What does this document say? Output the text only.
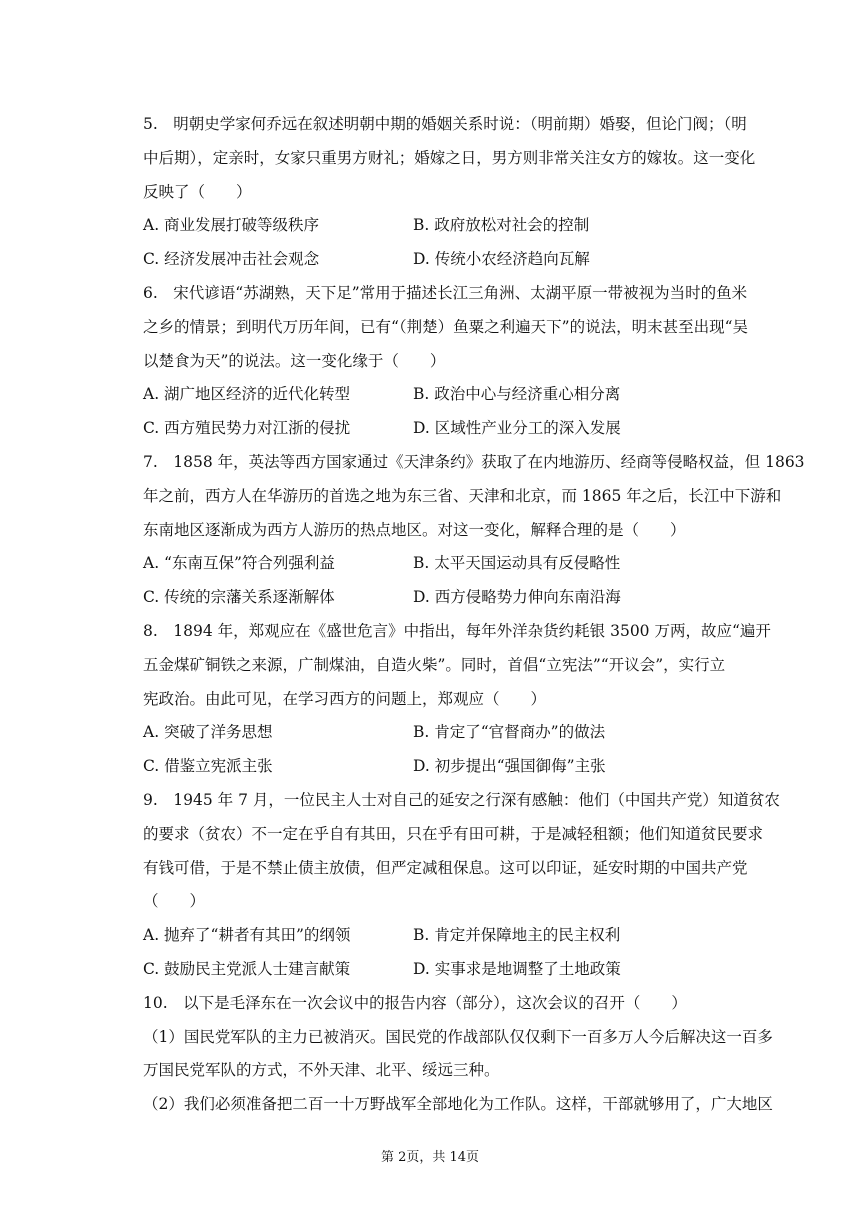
5. 明朝史学家何乔远在叙述明朝中期的婚姻关系时说：（明前期）婚娶，但论门阀；（明
中后期），定亲时，女家只重男方财礼；婚嫁之日，男方则非常关注女方的嫁妆。这一变化
反映了（　　）
A. 商业发展打破等级秩序	B. 政府放松对社会的控制
C. 经济发展冲击社会观念	D. 传统小农经济趋向瓦解
6. 宋代谚语“苏湖熟，天下足”常用于描述长江三角洲、太湖平原一带被视为当时的鱼米
之乡的情景；到明代万历年间，已有“（荆楚）鱼粟之利遍天下”的说法，明末甚至出现“吴
以楚食为天”的说法。这一变化缘于（　　）
A. 湖广地区经济的近代化转型	B. 政治中心与经济重心相分离
C. 西方殖民势力对江浙的侵扰	D. 区域性产业分工的深入发展
7. 1858 年，英法等西方国家通过《天津条约》获取了在内地游历、经商等侵略权益，但 1863
年之前，西方人在华游历的首选之地为东三省、天津和北京，而 1865 年之后，长江中下游和
东南地区逐渐成为西方人游历的热点地区。对这一变化，解释合理的是（　　）
A. “东南互保”符合列强利益	B. 太平天国运动具有反侵略性
C. 传统的宗藩关系逐渐解体	D. 西方侵略势力伸向东南沿海
8. 1894 年，郑观应在《盛世危言》中指出，每年外洋杂货约耗银 3500 万两，故应“遍开
五金煤矿铜铁之来源，广制煤油，自造火柴”。同时，首倡“立宪法”“开议会”，实行立
宪政治。由此可见，在学习西方的问题上，郑观应（　　）
A. 突破了洋务思想	B. 肯定了“官督商办”的做法
C. 借鉴立宪派主张	D. 初步提出“强国御侮”主张
9. 1945 年 7 月，一位民主人士对自己的延安之行深有感触：他们（中国共产党）知道贫农
的要求（贫农）不一定在乎自有其田，只在乎有田可耕，于是减轻租额；他们知道贫民要求
有钱可借，于是不禁止债主放债，但严定减租保息。这可以印证，延安时期的中国共产党
（　　）
A. 抛弃了“耕者有其田”的纲领	B. 肯定并保障地主的民主权利
C. 鼓励民主党派人士建言献策	D. 实事求是地调整了土地政策
10. 以下是毛泽东在一次会议中的报告内容（部分），这次会议的召开（　　）
（1）国民党军队的主力已被消灭。国民党的作战部队仅仅剩下一百多万人今后解决这一百多
万国民党军队的方式，不外天津、北平、绥远三种。
（2）我们必须准备把二百一十万野战军全部地化为工作队。这样，干部就够用了，广大地区
第 2页，共 14页
